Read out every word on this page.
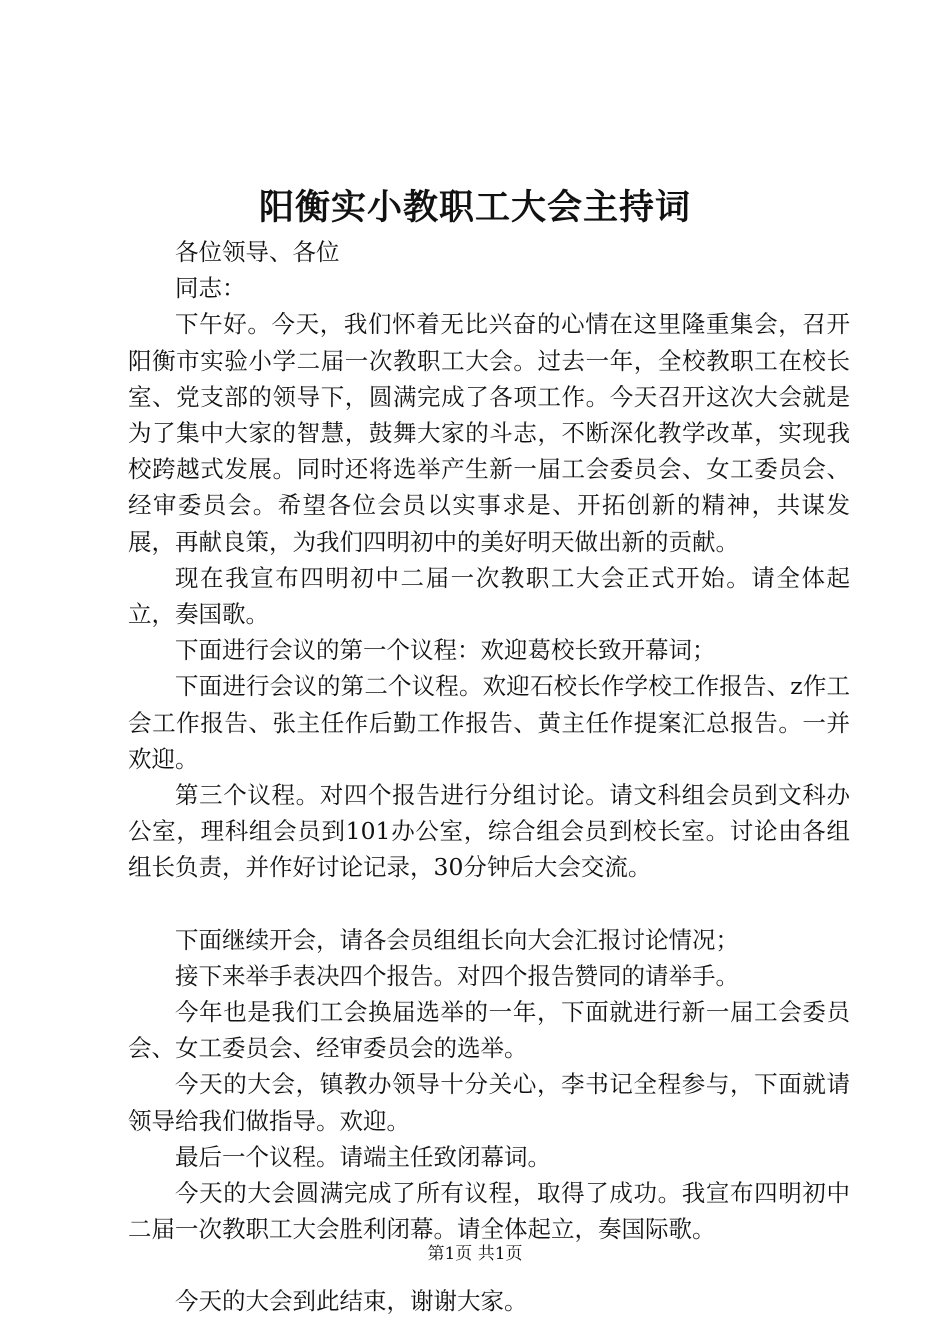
阳衡实小教职工大会主持词

各位领导、各位

同志：

下午好。今天，我们怀着无比兴奋的心情在这里隆重集会，召开阳衡市实验小学二届一次教职工大会。过去一年，全校教职工在校长室、党支部的领导下，圆满完成了各项工作。今天召开这次大会就是为了集中大家的智慧，鼓舞大家的斗志，不断深化教学改革，实现我校跨越式发展。同时还将选举产生新一届工会委员会、女工委员会、经审委员会。希望各位会员以实事求是、开拓创新的精神，共谋发展，再献良策，为我们四明初中的美好明天做出新的贡献。

现在我宣布四明初中二届一次教职工大会正式开始。请全体起立，奏国歌。

下面进行会议的第一个议程：欢迎葛校长致开幕词；

下面进行会议的第二个议程。欢迎石校长作学校工作报告、z作工会工作报告、张主任作后勤工作报告、黄主任作提案汇总报告。一并欢迎。

第三个议程。对四个报告进行分组讨论。请文科组会员到文科办公室，理科组会员到101办公室，综合组会员到校长室。讨论由各组组长负责，并作好讨论记录，30分钟后大会交流。

下面继续开会，请各会员组组长向大会汇报讨论情况；

接下来举手表决四个报告。对四个报告赞同的请举手。

今年也是我们工会换届选举的一年，下面就进行新一届工会委员会、女工委员会、经审委员会的选举。

今天的大会，镇教办领导十分关心，李书记全程参与，下面就请领导给我们做指导。欢迎。

最后一个议程。请端主任致闭幕词。

今天的大会圆满完成了所有议程，取得了成功。我宣布四明初中二届一次教职工大会胜利闭幕。请全体起立，奏国际歌。

今天的大会到此结束，谢谢大家。

第1页 共1页
